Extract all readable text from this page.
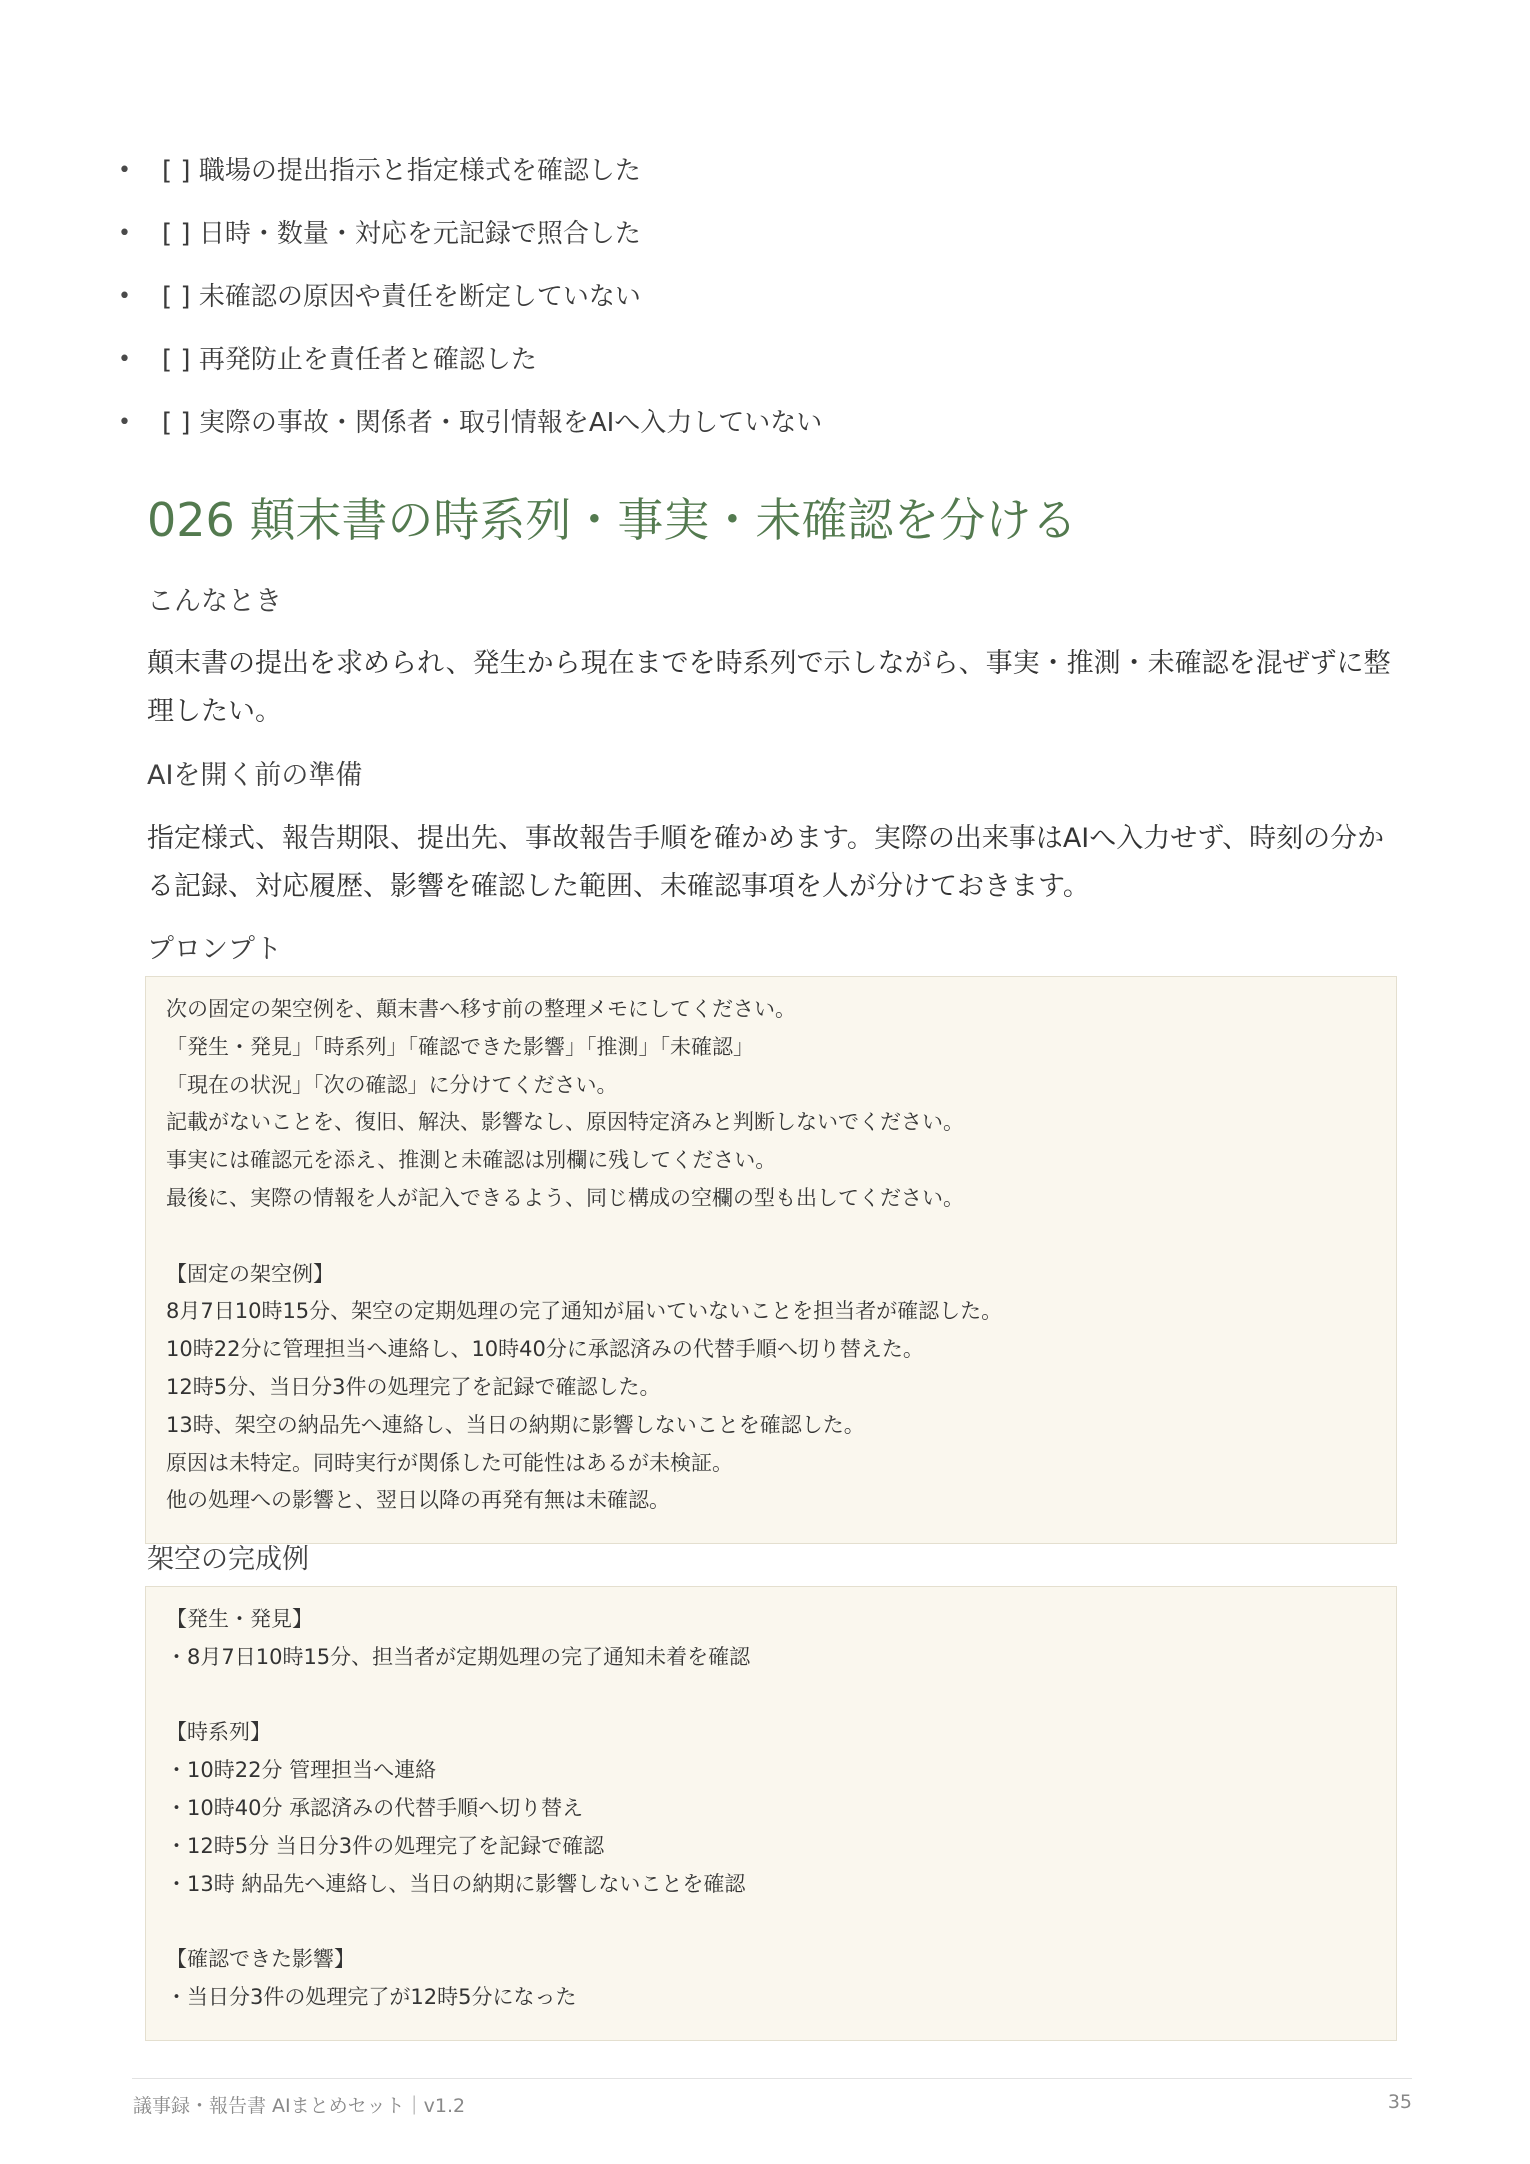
• [ ] 職場の提出指示と指定様式を確認した
• [ ] 日時・数量・対応を元記録で照合した
• [ ] 未確認の原因や責任を断定していない
• [ ] 再発防止を責任者と確認した
• [ ] 実際の事故・関係者・取引情報をAIへ入力していない
026 顛末書の時系列・事実・未確認を分ける
こんなとき

顛末書の提出を求められ、発生から現在までを時系列で示しながら、事実・推測・未確認を混ぜずに整理したい。

AIを開く前の準備

指定様式、報告期限、提出先、事故報告手順を確かめます。実際の出来事はAIへ入力せず、時刻の分かる記録、対応履歴、影響を確認した範囲、未確認事項を人が分けておきます。

プロンプト
次の固定の架空例を、顛末書へ移す前の整理メモにしてください。
「発生・発見」「時系列」「確認できた影響」「推測」「未確認」
「現在の状況」「次の確認」に分けてください。
記載がないことを、復旧、解決、影響なし、原因特定済みと判断しないでください。
事実には確認元を添え、推測と未確認は別欄に残してください。
最後に、実際の情報を人が記入できるよう、同じ構成の空欄の型も出してください。
【固定の架空例】
8月7日10時15分、架空の定期処理の完了通知が届いていないことを担当者が確認した。
10時22分に管理担当へ連絡し、10時40分に承認済みの代替手順へ切り替えた。
12時5分、当日分3件の処理完了を記録で確認した。
13時、架空の納品先へ連絡し、当日の納期に影響しないことを確認した。
原因は未特定。同時実行が関係した可能性はあるが未検証。
他の処理への影響と、翌日以降の再発有無は未確認。
架空の完成例
【発生・発見】
・8月7日10時15分、担当者が定期処理の完了通知未着を確認
【時系列】
・10時22分 管理担当へ連絡
・10時40分 承認済みの代替手順へ切り替え
・12時5分 当日分3件の処理完了を記録で確認
・13時 納品先へ連絡し、当日の納期に影響しないことを確認
【確認できた影響】
・当日分3件の処理完了が12時5分になった
議事録・報告書 AIまとめセット｜v1.2	35
